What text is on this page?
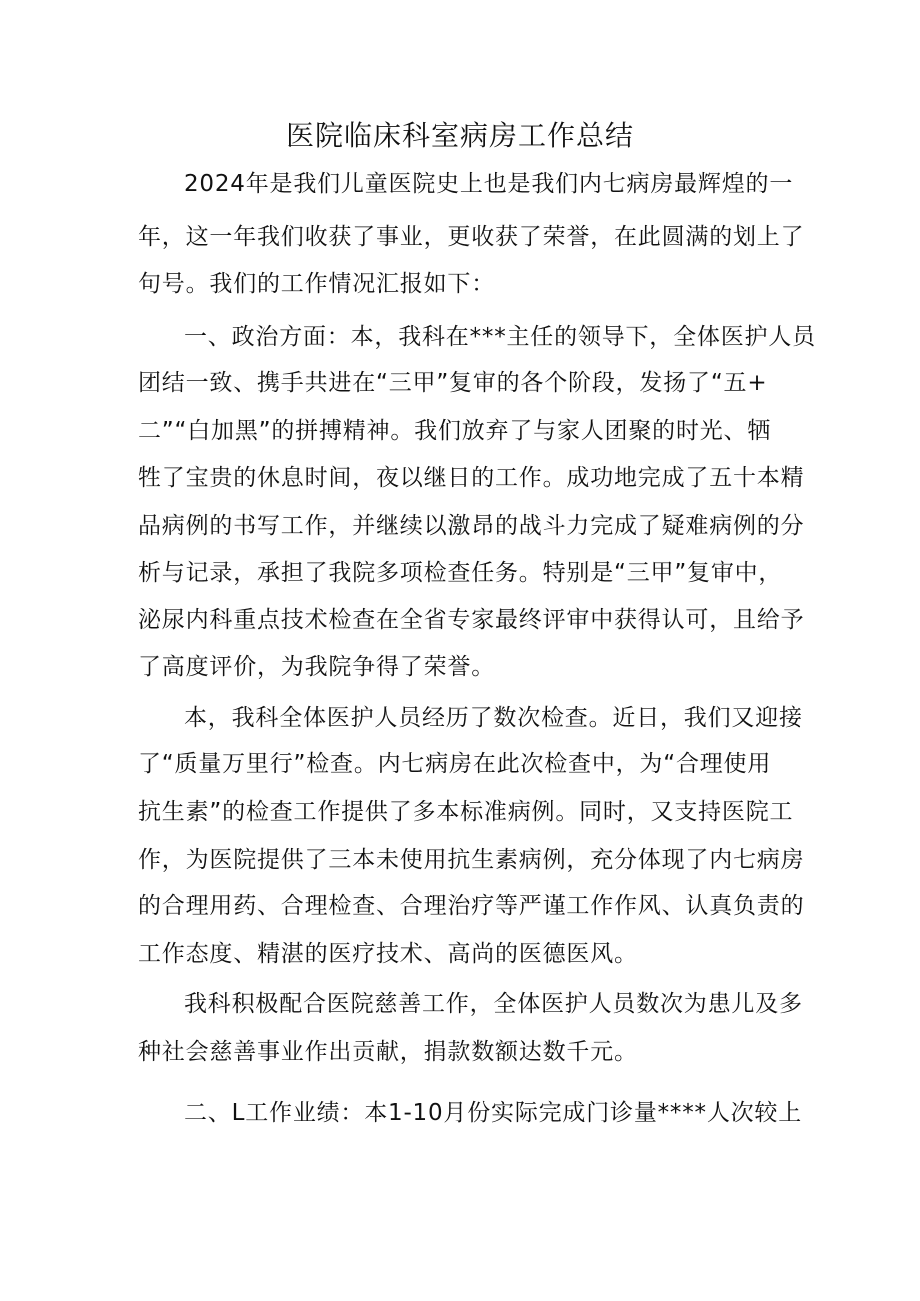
医院临床科室病房工作总结
2024年是我们儿童医院史上也是我们内七病房最辉煌的一
年，这一年我们收获了事业，更收获了荣誉，在此圆满的划上了
句号。我们的工作情况汇报如下：
一、政治方面：本，我科在***主任的领导下，全体医护人员
团结一致、携手共进在“三甲”复审的各个阶段，发扬了“五+
二”“白加黑”的拼搏精神。我们放弃了与家人团聚的时光、牺
牲了宝贵的休息时间，夜以继日的工作。成功地完成了五十本精
品病例的书写工作，并继续以激昂的战斗力完成了疑难病例的分
析与记录，承担了我院多项检查任务。特别是“三甲”复审中，
泌尿内科重点技术检查在全省专家最终评审中获得认可，且给予
了高度评价，为我院争得了荣誉。
本，我科全体医护人员经历了数次检查。近日，我们又迎接
了“质量万里行”检查。内七病房在此次检查中，为“合理使用
抗生素”的检查工作提供了多本标准病例。同时，又支持医院工
作，为医院提供了三本未使用抗生素病例，充分体现了内七病房
的合理用药、合理检查、合理治疗等严谨工作作风、认真负责的
工作态度、精湛的医疗技术、高尚的医德医风。
我科积极配合医院慈善工作，全体医护人员数次为患儿及多
种社会慈善事业作出贡献，捐款数额达数千元。
二、L工作业绩：本1-10月份实际完成门诊量****人次较上
